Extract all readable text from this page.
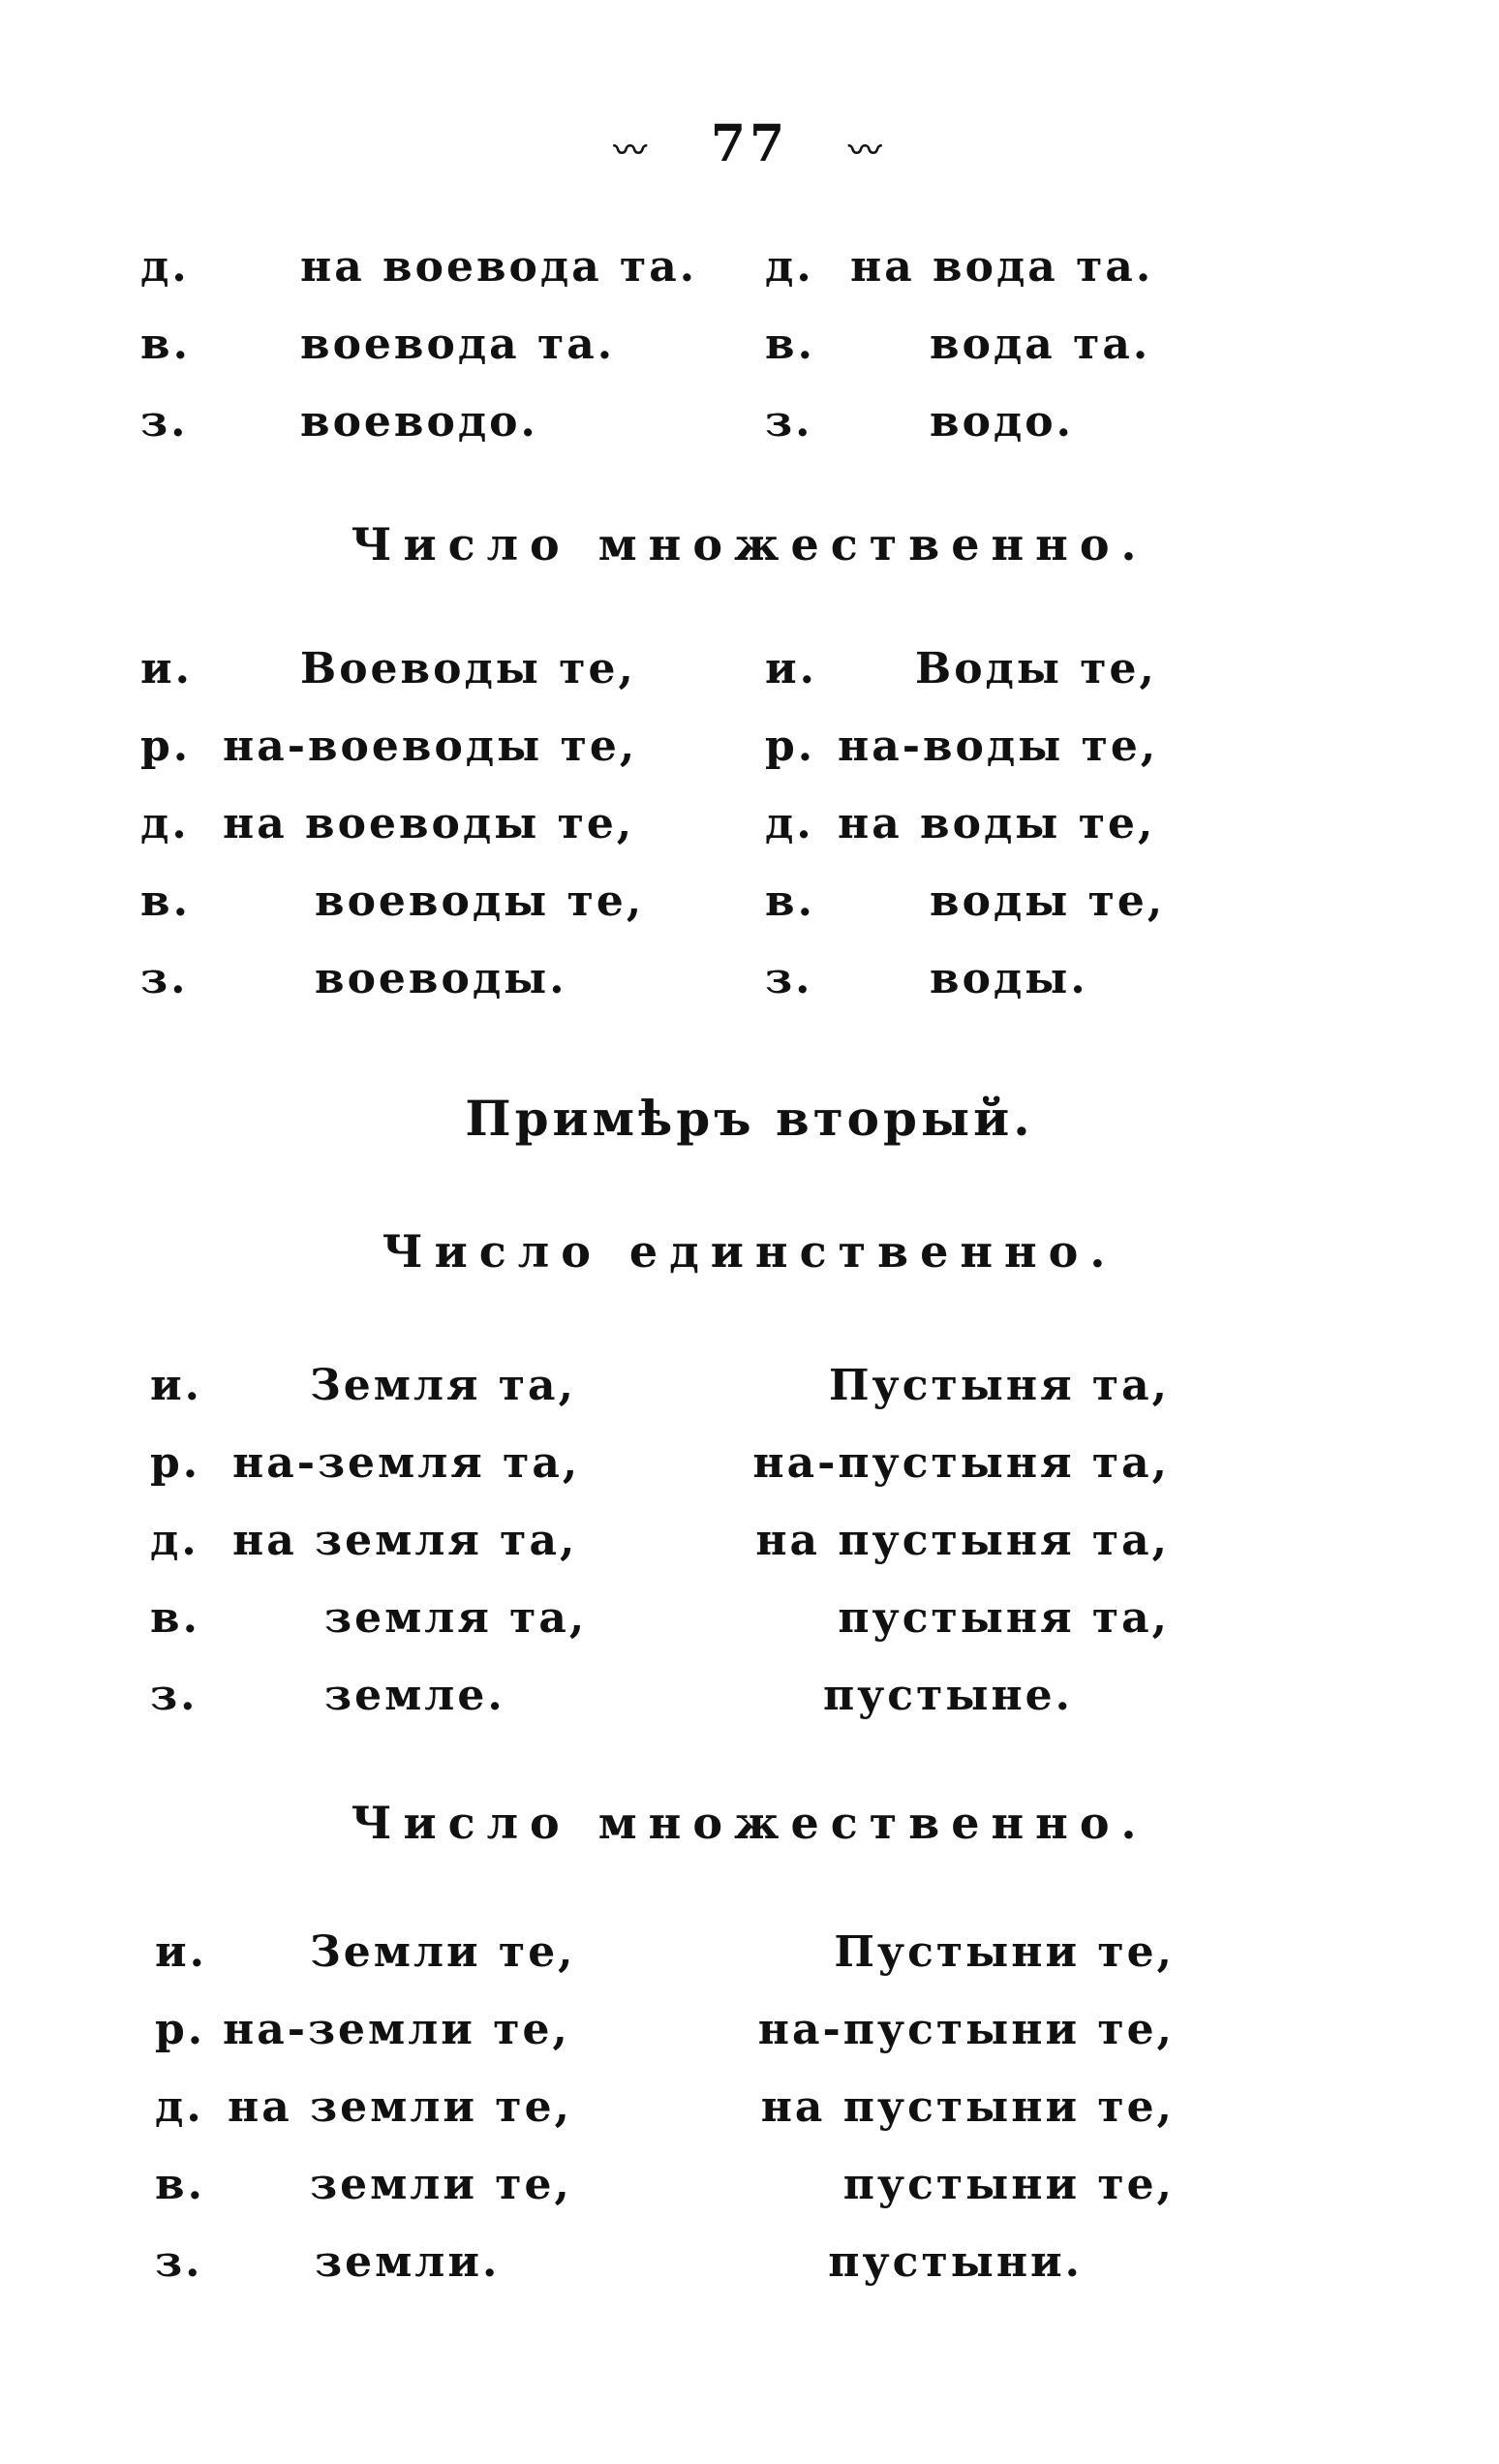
〰 77 〰
д.	на воевода та. д. на вода та.
в.	воевода та.	в.	вода та.
з.	воеводо.	з.	водо.
Число множественно.
и.	Воеводы те,	и. Воды те,
р. на-воеводы те,	р. на-воды те,
д. на воеводы те,	д. на воды те,
в.	воеводы те,	в.	воды те,
з.	воеводы.	з.	воды.
Примѣръ вторый.
Число единственно.
и.	Земля та,	Пустыня та,
р. на-земля та,	на-пустыня та,
д. на земля та,	на пустыня та,
в.	земля та,	пустыня та,
з.	земле.	пустыне.
Число множественно.
и. Земли те,	Пустыни те,
р. на-земли те,	на-пустыни те,
д. на земли те,	на пустыни те,
в. земли те,	пустыни те,
з.	земли.	пустыни.
